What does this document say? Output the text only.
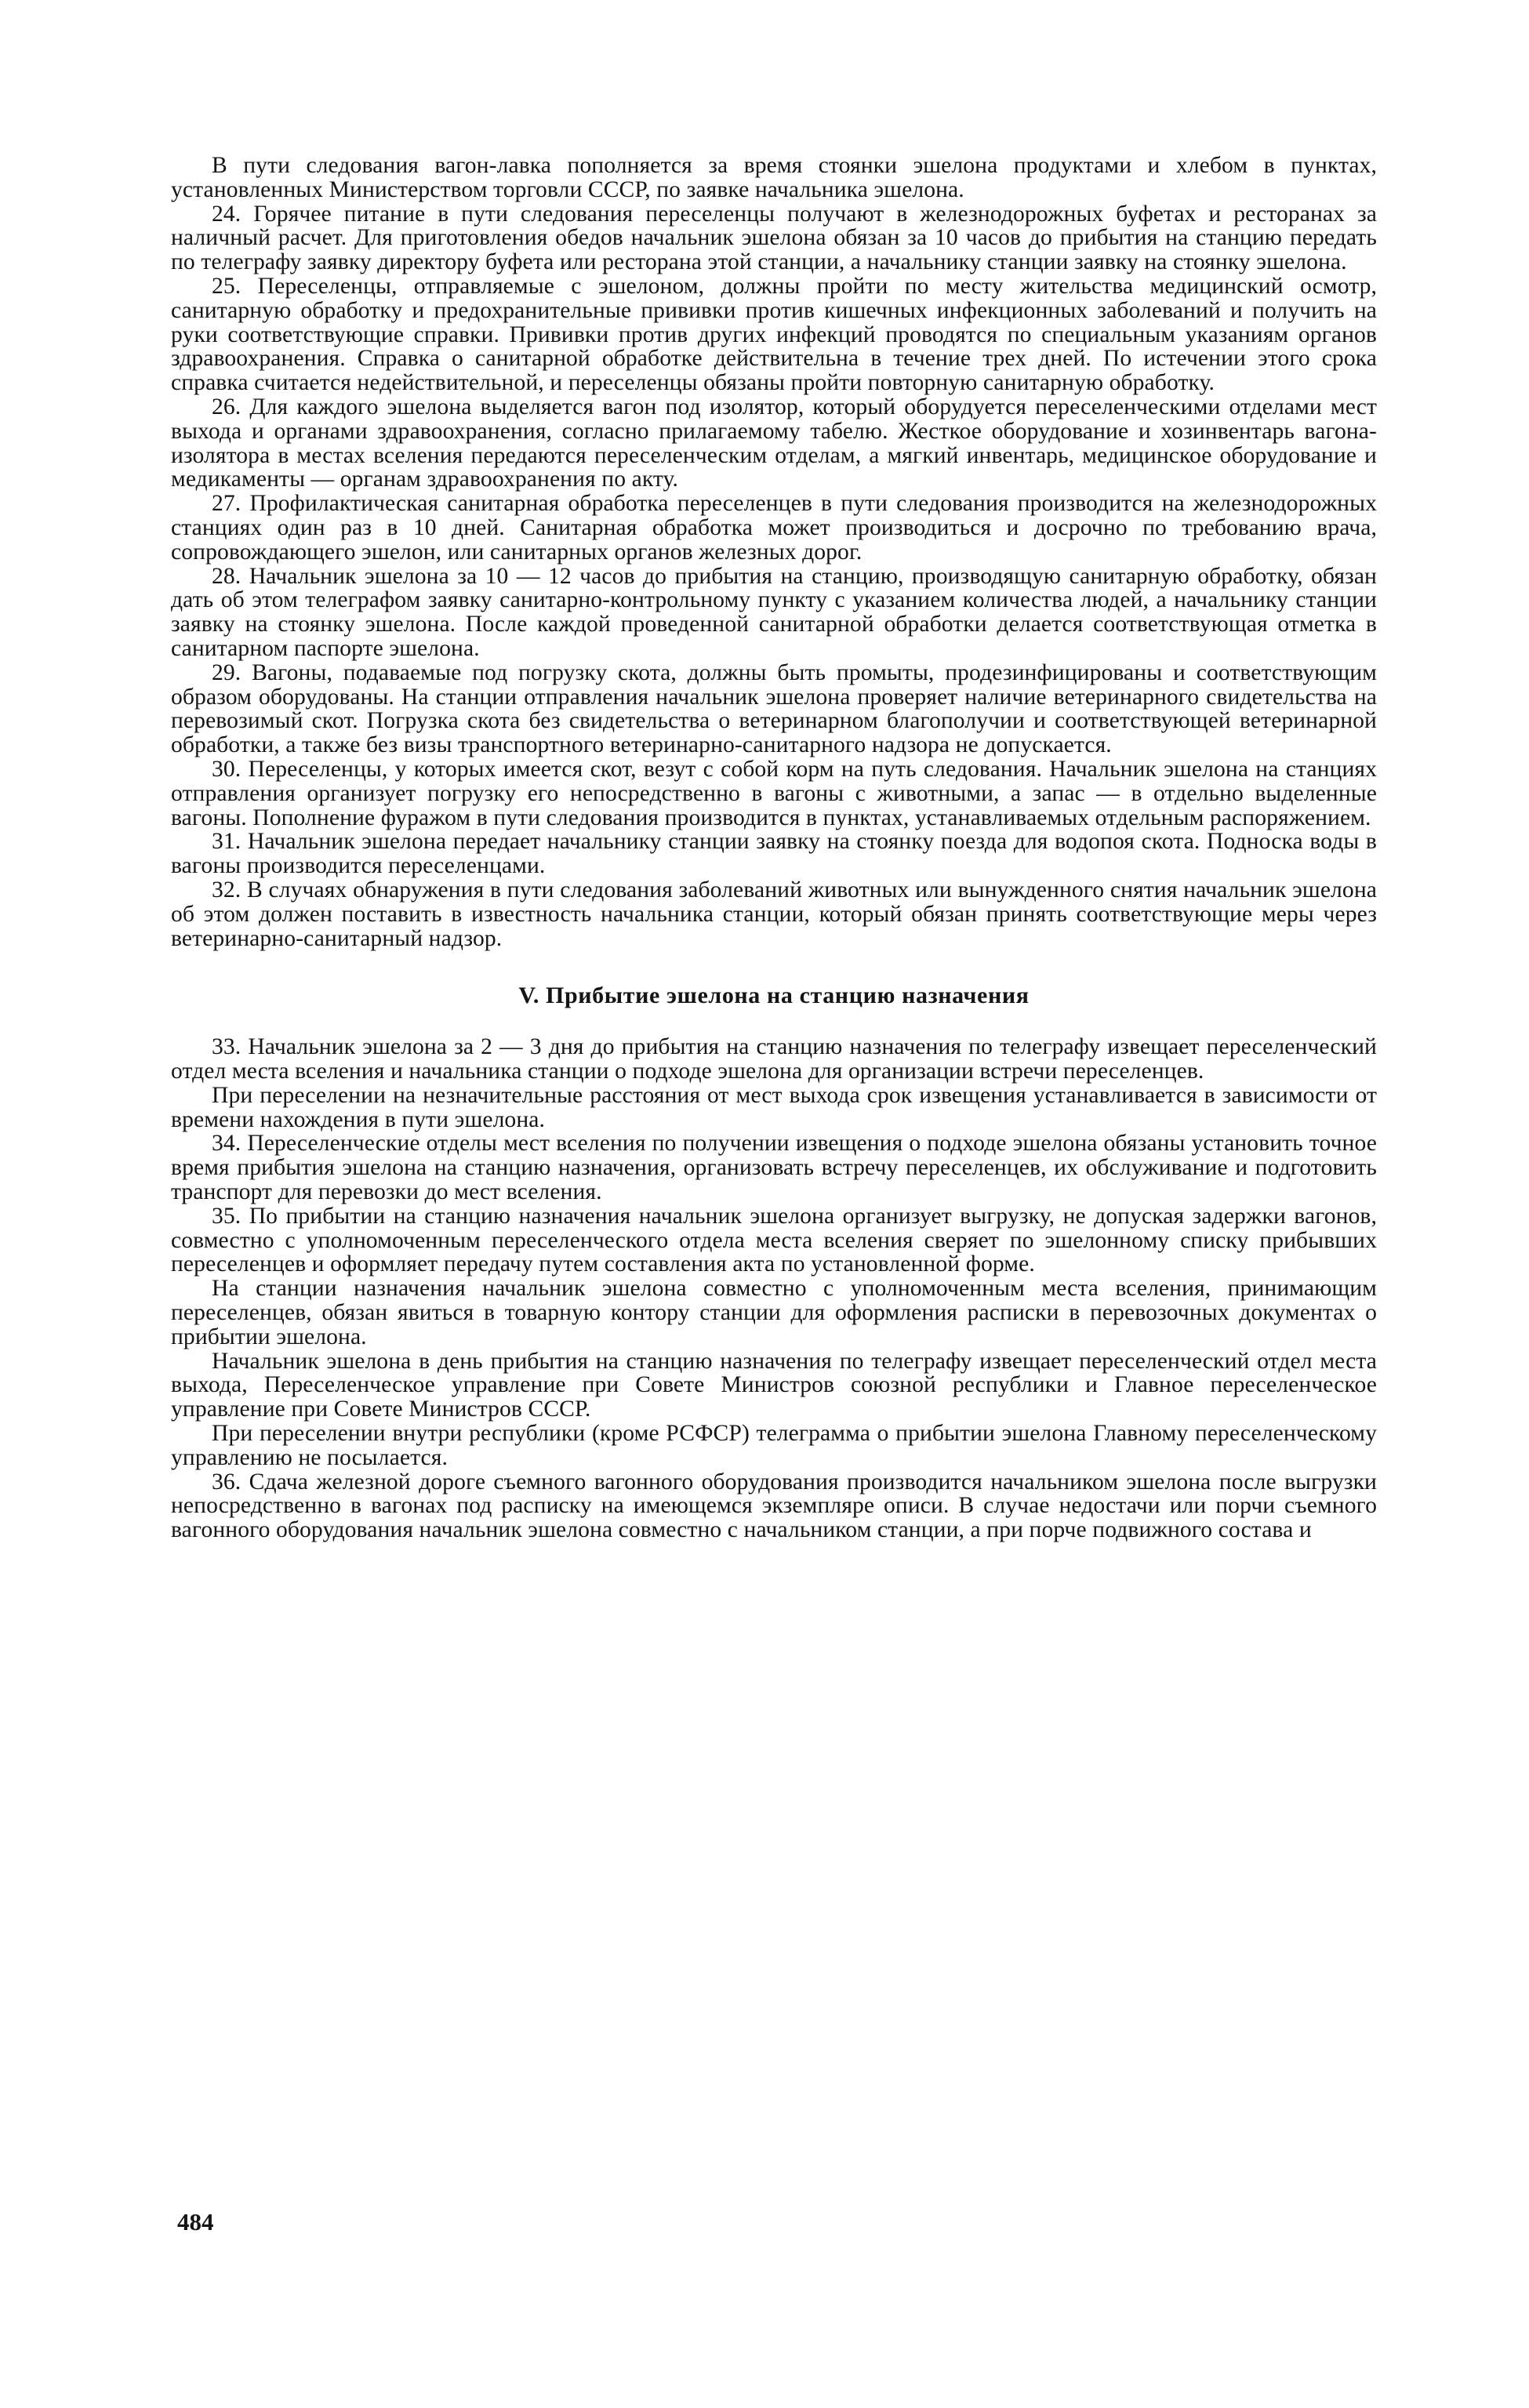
В пути следования вагон-лавка пополняется за время стоянки эшелона продуктами и хлебом в пунктах, установленных Министерством торговли СССР, по заявке начальника эшелона.

24. Горячее питание в пути следования переселенцы получают в железнодорожных буфетах и ресторанах за наличный расчет. Для приготовления обедов начальник эшелона обязан за 10 часов до прибытия на станцию передать по телеграфу заявку директору буфета или ресторана этой станции, а начальнику станции заявку на стоянку эшелона.

25. Переселенцы, отправляемые с эшелоном, должны пройти по месту жительства медицинский осмотр, санитарную обработку и предохранительные прививки против кишечных инфекционных заболеваний и получить на руки соответствующие справки. Прививки против других инфекций проводятся по специальным указаниям органов здравоохранения. Справка о санитарной обработке действительна в течение трех дней. По истечении этого срока справка считается недействительной, и переселенцы обязаны пройти повторную санитарную обработку.

26. Для каждого эшелона выделяется вагон под изолятор, который оборудуется переселенческими отделами мест выхода и органами здравоохранения, согласно прилагаемому табелю. Жесткое оборудование и хозинвентарь вагона-изолятора в местах вселения передаются переселенческим отделам, а мягкий инвентарь, медицинское оборудование и медикаменты — органам здравоохранения по акту.

27. Профилактическая санитарная обработка переселенцев в пути следования производится на железнодорожных станциях один раз в 10 дней. Санитарная обработка может производиться и досрочно по требованию врача, сопровождающего эшелон, или санитарных органов железных дорог.

28. Начальник эшелона за 10 — 12 часов до прибытия на станцию, производящую санитарную обработку, обязан дать об этом телеграфом заявку санитарно-контрольному пункту с указанием количества людей, а начальнику станции заявку на стоянку эшелона. После каждой проведенной санитарной обработки делается соответствующая отметка в санитарном паспорте эшелона.

29. Вагоны, подаваемые под погрузку скота, должны быть промыты, продезинфицированы и соответствующим образом оборудованы. На станции отправления начальник эшелона проверяет наличие ветеринарного свидетельства на перевозимый скот. Погрузка скота без свидетельства о ветеринарном благополучии и соответствующей ветеринарной обработки, а также без визы транспортного ветеринарно-санитарного надзора не допускается.

30. Переселенцы, у которых имеется скот, везут с собой корм на путь следования. Начальник эшелона на станциях отправления организует погрузку его непосредственно в вагоны с животными, а запас — в отдельно выделенные вагоны. Пополнение фуражом в пути следования производится в пунктах, устанавливаемых отдельным распоряжением.

31. Начальник эшелона передает начальнику станции заявку на стоянку поезда для водопоя скота. Подноска воды в вагоны производится переселенцами.

32. В случаях обнаружения в пути следования заболеваний животных или вынужденного снятия начальник эшелона об этом должен поставить в известность начальника станции, который обязан принять соответствующие меры через ветеринарно-санитарный надзор.

V. Прибытие эшелона на станцию назначения

33. Начальник эшелона за 2 — 3 дня до прибытия на станцию назначения по телеграфу извещает переселенческий отдел места вселения и начальника станции о подходе эшелона для организации встречи переселенцев.

При переселении на незначительные расстояния от мест выхода срок извещения устанавливается в зависимости от времени нахождения в пути эшелона.

34. Переселенческие отделы мест вселения по получении извещения о подходе эшелона обязаны установить точное время прибытия эшелона на станцию назначения, организовать встречу переселенцев, их обслуживание и подготовить транспорт для перевозки до мест вселения.

35. По прибытии на станцию назначения начальник эшелона организует выгрузку, не допуская задержки вагонов, совместно с уполномоченным переселенческого отдела места вселения сверяет по эшелонному списку прибывших переселенцев и оформляет передачу путем составления акта по установленной форме.

На станции назначения начальник эшелона совместно с уполномоченным места вселения, принимающим переселенцев, обязан явиться в товарную контору станции для оформления расписки в перевозочных документах о прибытии эшелона.

Начальник эшелона в день прибытия на станцию назначения по телеграфу извещает переселенческий отдел места выхода, Переселенческое управление при Совете Министров союзной республики и Главное переселенческое управление при Совете Министров СССР.

При переселении внутри республики (кроме РСФСР) телеграмма о прибытии эшелона Главному переселенческому управлению не посылается.

36. Сдача железной дороге съемного вагонного оборудования производится начальником эшелона после выгрузки непосредственно в вагонах под расписку на имеющемся экземпляре описи. В случае недостачи или порчи съемного вагонного оборудования начальник эшелона совместно с начальником станции, а при порче подвижного состава и

484
